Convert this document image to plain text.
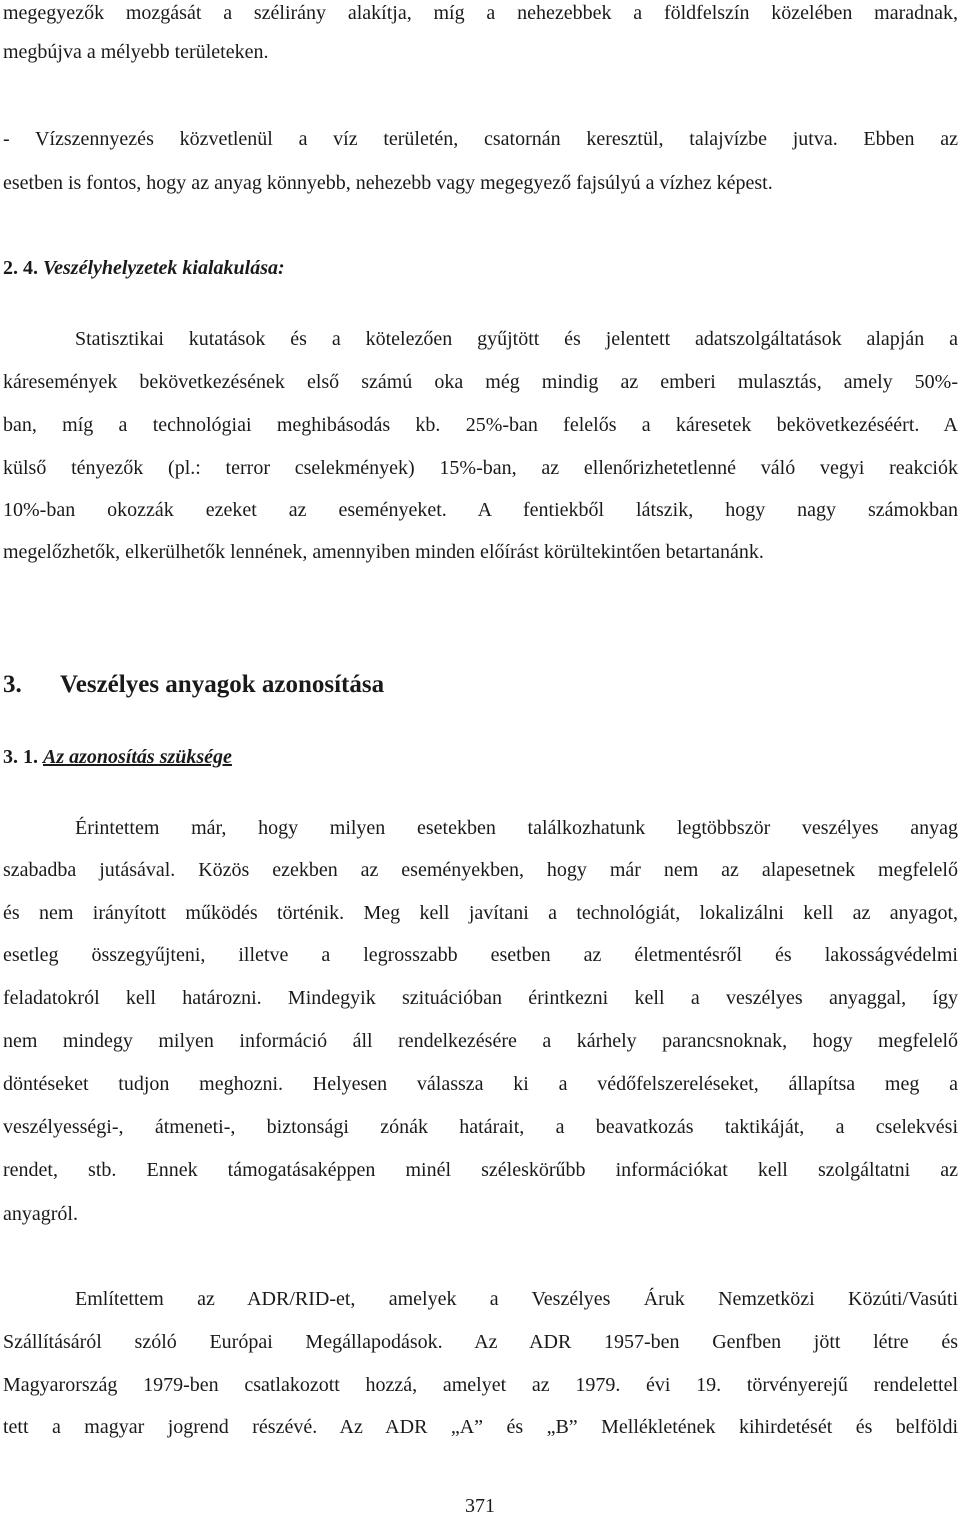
megegyezők mozgását a szélirány alakítja, míg a nehezebbek a földfelszín közelében maradnak,

megbújva a mélyebb területeken.

- Vízszennyezés közvetlenül a víz területén, csatornán keresztül, talajvízbe jutva. Ebben az

esetben is fontos, hogy az anyag könnyebb, nehezebb vagy megegyező fajsúlyú a vízhez képest.

2. 4. Veszélyhelyzetek kialakulása:

Statisztikai kutatások és a kötelezően gyűjtött és jelentett adatszolgáltatások alapján a

káresemények bekövetkezésének első számú oka még mindig az emberi mulasztás, amely 50%-

ban, míg a technológiai meghibásodás kb. 25%-ban felelős a káresetek bekövetkezéséért. A

külső tényezők (pl.: terror cselekmények) 15%-ban, az ellenőrizhetetlenné váló vegyi reakciók

10%-ban okozzák ezeket az eseményeket. A fentiekből látszik, hogy nagy számokban

megelőzhetők, elkerülhetők lennének, amennyiben minden előírást körültekintően betartanánk.

3. Veszélyes anyagok azonosítása

3. 1. Az azonosítás szüksége

Érintettem már, hogy milyen esetekben találkozhatunk legtöbbször veszélyes anyag

szabadba jutásával. Közös ezekben az eseményekben, hogy már nem az alapesetnek megfelelő

és nem irányított működés történik. Meg kell javítani a technológiát, lokalizálni kell az anyagot,

esetleg összegyűjteni, illetve a legrosszabb esetben az életmentésről és lakosságvédelmi

feladatokról kell határozni. Mindegyik szituációban érintkezni kell a veszélyes anyaggal, így

nem mindegy milyen információ áll rendelkezésére a kárhely parancsnoknak, hogy megfelelő

döntéseket tudjon meghozni. Helyesen válassza ki a védőfelszereléseket, állapítsa meg a

veszélyességi-, átmeneti-, biztonsági zónák határait, a beavatkozás taktikáját, a cselekvési

rendet, stb. Ennek támogatásaképpen minél széleskörűbb információkat kell szolgáltatni az

anyagról.

Említettem az ADR/RID-et, amelyek a Veszélyes Áruk Nemzetközi Közúti/Vasúti

Szállításáról szóló Európai Megállapodások. Az ADR 1957-ben Genfben jött létre és

Magyarország 1979-ben csatlakozott hozzá, amelyet az 1979. évi 19. törvényerejű rendelettel

tett a magyar jogrend részévé. Az ADR „A” és „B” Mellékletének kihirdetését és belföldi

371
